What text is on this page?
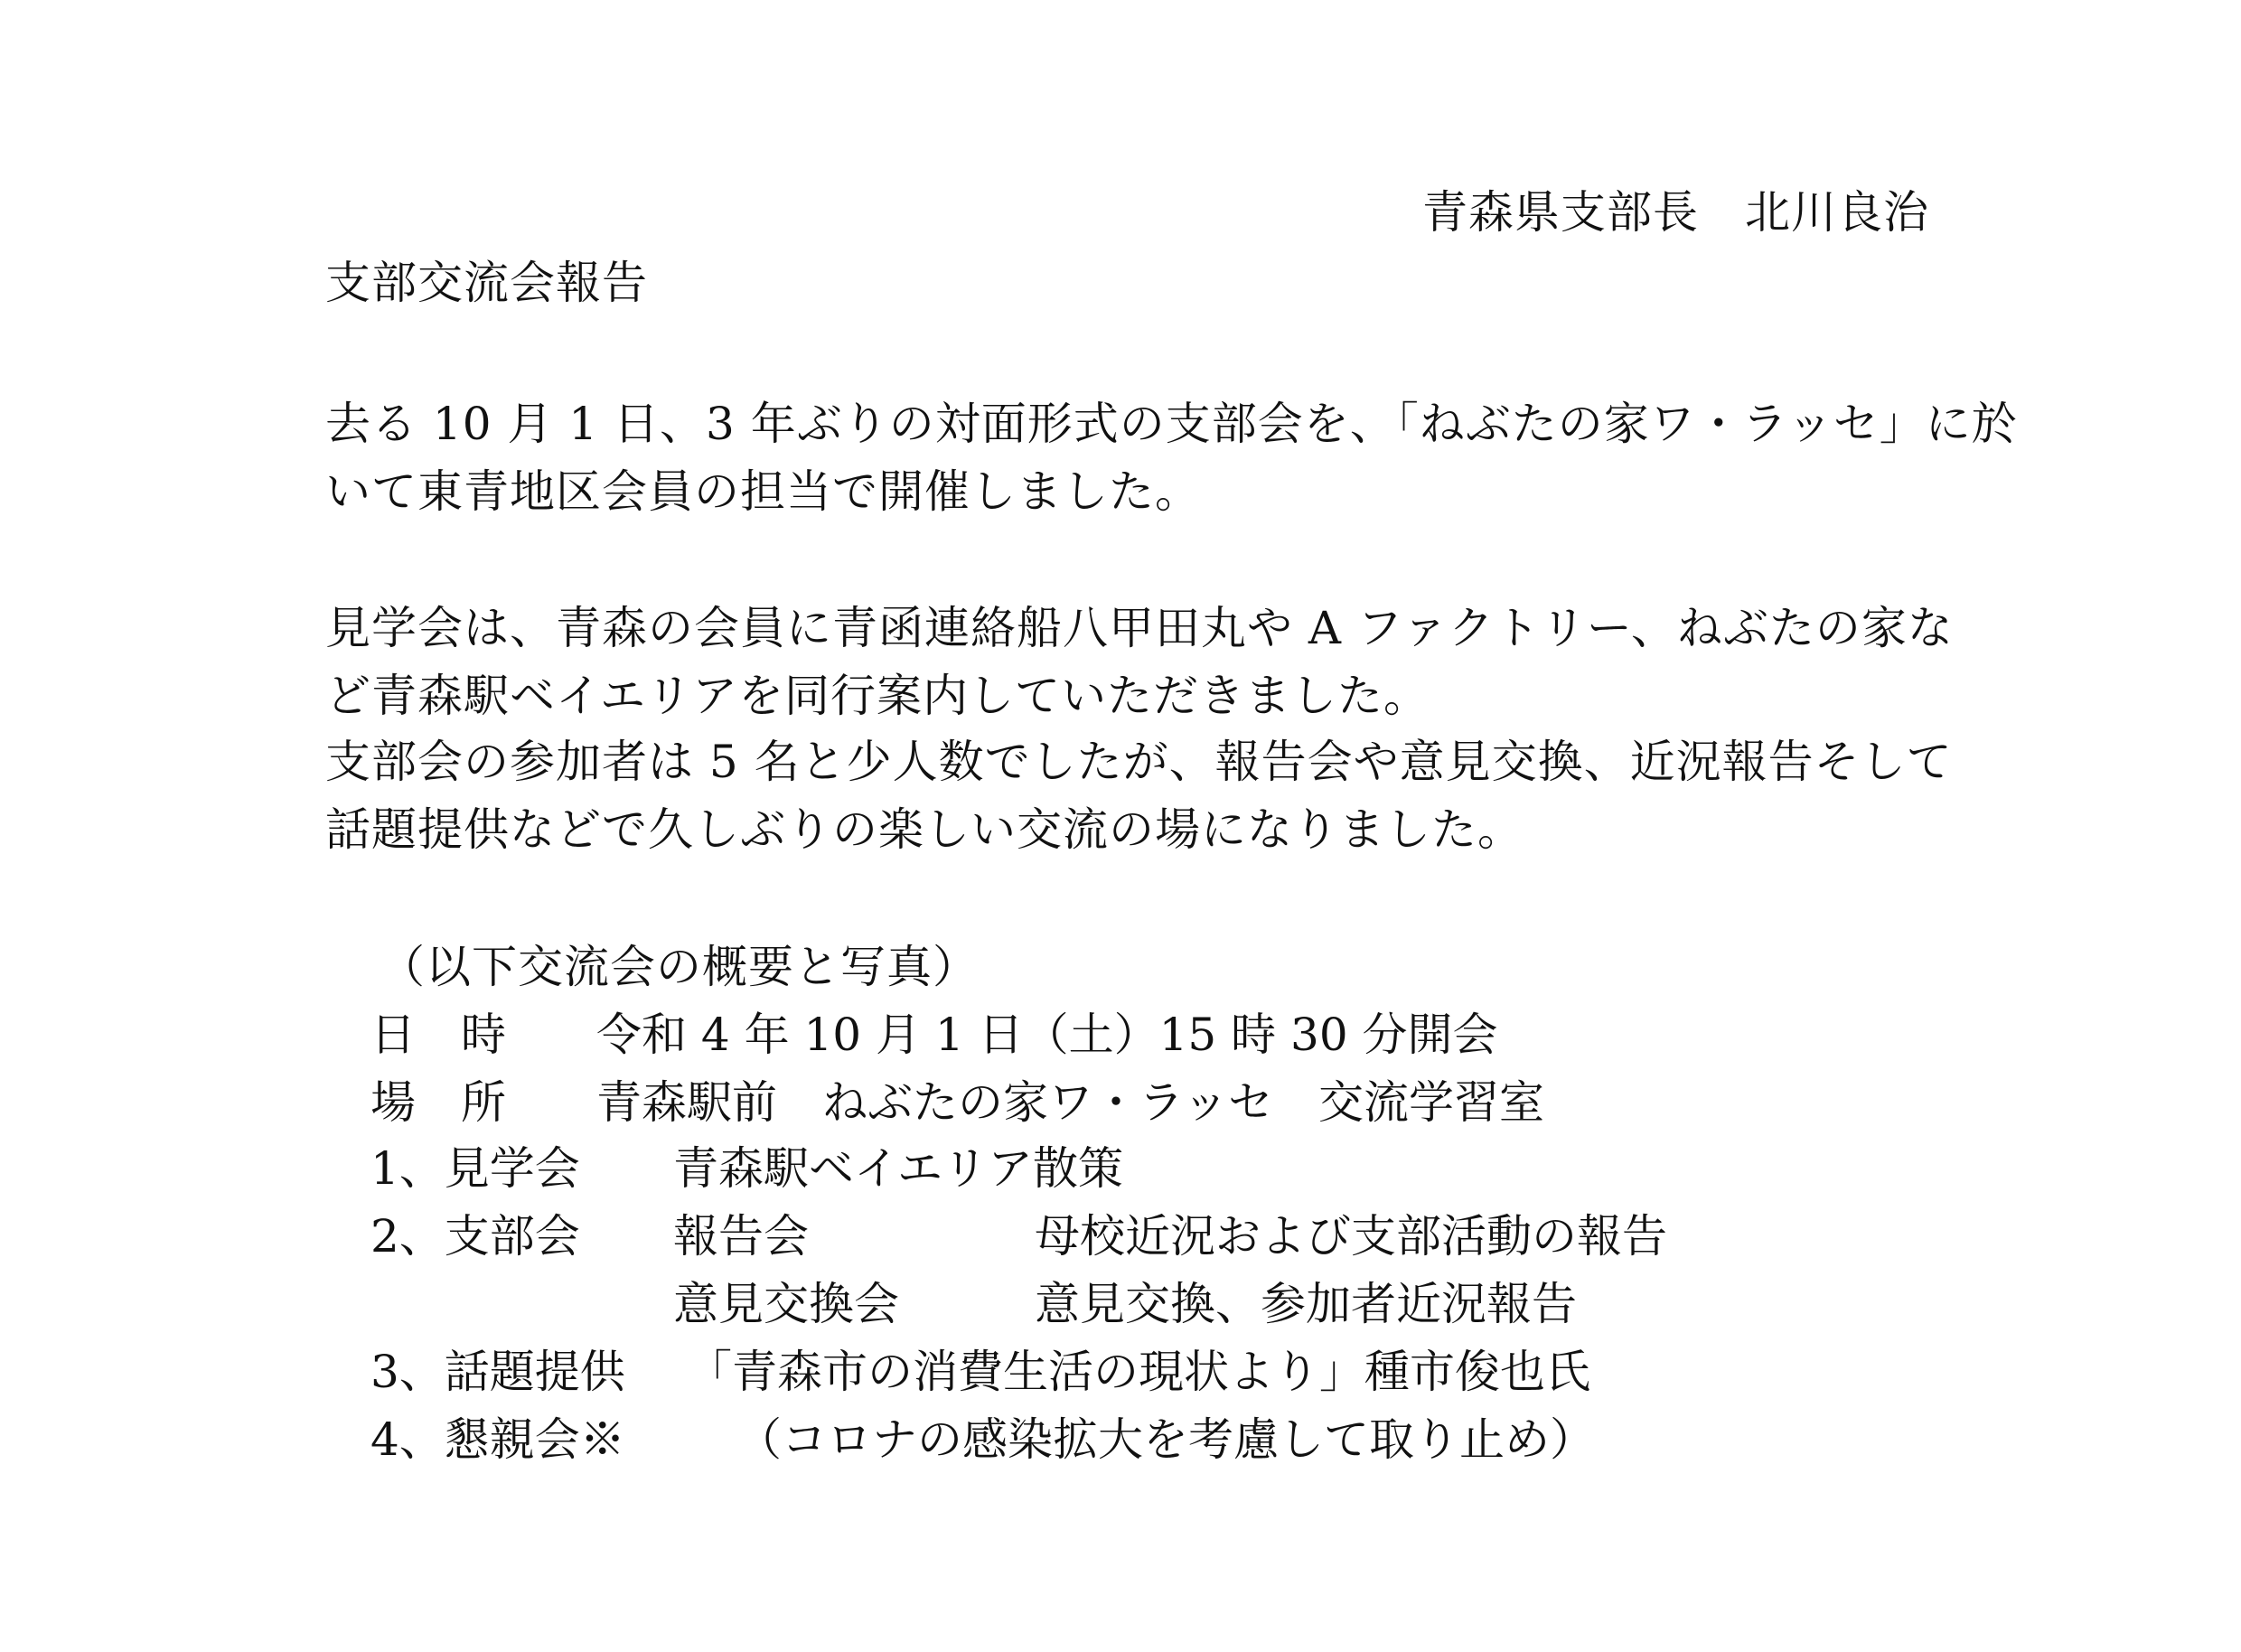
青森県支部長　北川良治
支部交流会報告
去る 10 月 1 日、3 年ぶりの対面形式の支部会を、「ねぶたの家ワ・ラッセ」に於
いて東青地区会員の担当で開催しました。
見学会は、青森の会員に青函連絡船八甲田丸や A ファクトリー、ねぶたの家な
ど青森駅ベイエリアを同行案内していただきました。
支部会の参加者は 5 名と少人数でしたが、報告会や意見交換、近況報告そして
話題提供などで久しぶりの楽しい交流の場になりました。
（以下交流会の概要と写真）
日　時 令和 4 年 10 月 1 日（土）15 時 30 分開会
場　所 青森駅前　ねぶたの家ワ・ラッセ　交流学習室
1、見学会 青森駅ベイエリア散策
2、支部会 報告会	母校近況および支部活動の報告
意見交換会	意見交換、参加者近況報告
3、話題提供 「青森市の消費生活の現状より」種市俊也氏
4、懇親会※ （コロナの感染拡大を考慮して取り止め）
